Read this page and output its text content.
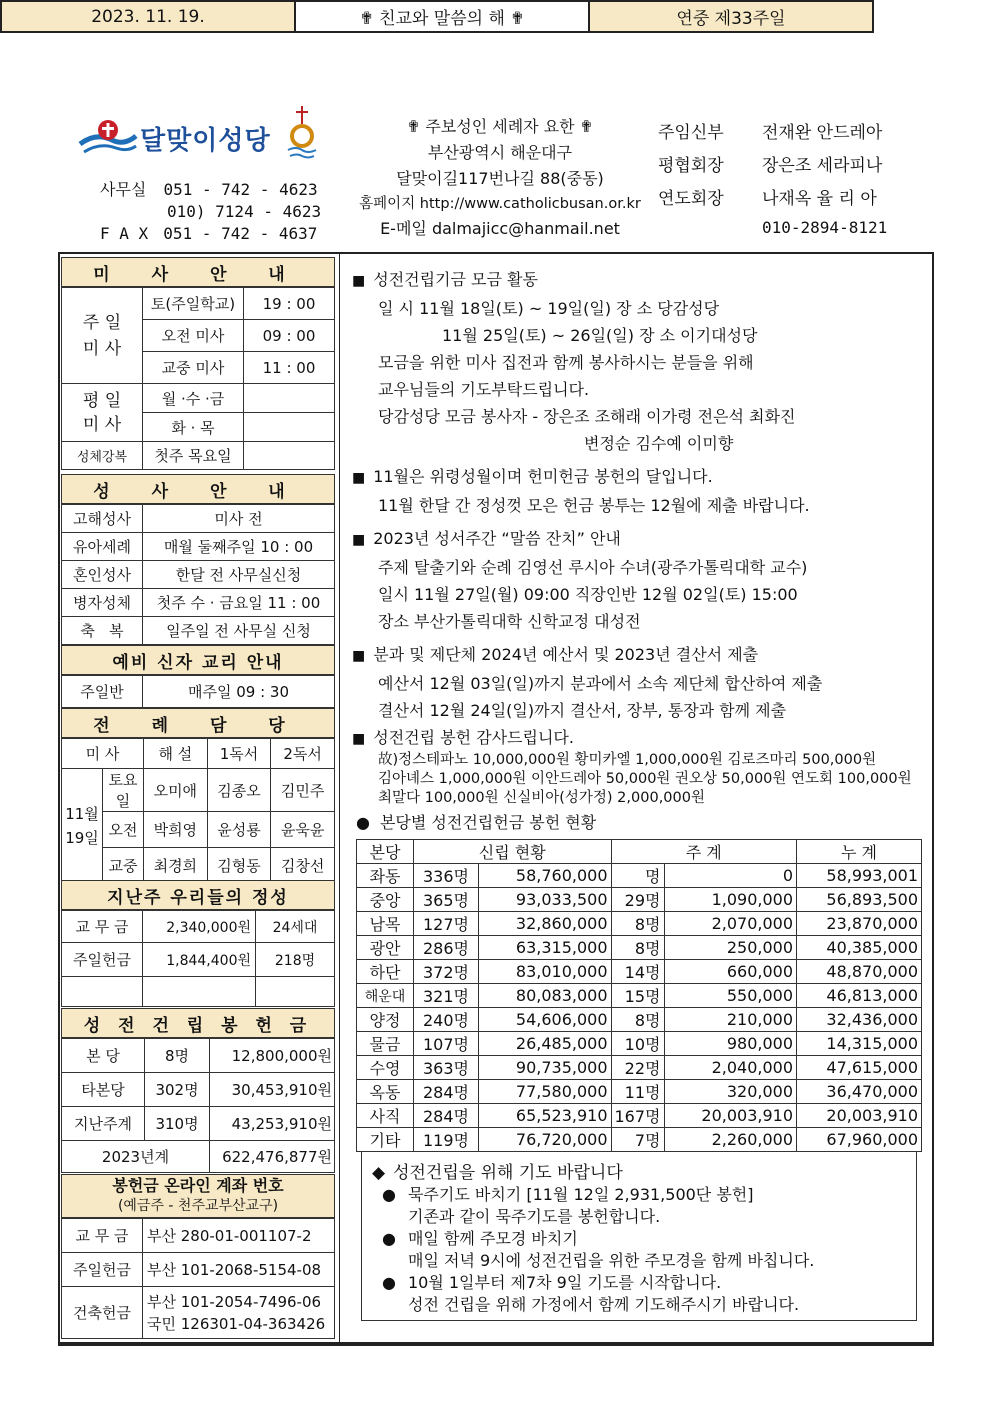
2023. 11. 19.	✟ 친교와 말씀의 해 ✟	연중 제33주일
달맞이성당
사무실 051 - 742 - 4623
010) 7124 - 4623
F A X 051 - 742 - 4637
✟ 주보성인 세례자 요한 ✟
부산광역시 해운대구
달맞이길117번나길 88(중동)
홈페이지 http://www.catholicbusan.or.kr
E-메일 dalmajicc@hanmail.net
주임신부 전재완 안드레아
평협회장 장은조 세라피나
연도회장 나재옥 율 리 아
010-2894-8121
미 사 안 내
주 일
미 사	토(주일학교)	19 : 00
	오전 미사	09 : 00
	교중 미사	11 : 00
평 일
미 사	월 ·수 ·금	
	화 · 목	
성체강복	첫주 목요일	
성 사 안 내
고해성사	미사 전
유아세례	매월 둘째주일 10 : 00
혼인성사	한달 전 사무실신청
병자성체	첫주 수 · 금요일 11 : 00
축   복	일주일 전 사무실 신청
예비 신자 교리 안내
주일반	매주일 09 : 30
전 례 담 당
미 사		해 설	1독서	2독서
11월
19일	토요일	오미애	김종오	김민주
	오전	박희영	윤성룡	윤욱윤
	교중	최경희	김형동	김창선
지난주 우리들의 정성
교 무 금	2,340,000원	24세대
주일헌금	1,844,400원	218명

성 전 건 립 봉 헌 금
본 당	8명	12,800,000원
타본당	302명	30,453,910원
지난주계	310명	43,253,910원
2023년계		622,476,877원
봉헌금 온라인 계좌 번호
(예금주 - 천주교부산교구)
교 무 금	부산 280-01-001107-2
주일헌금	부산 101-2068-5154-08
건축헌금	부산 101-2054-7496-06
국민 126301-04-363426
■ 성전건립기금 모금 활동
일 시 11월 18일(토) ~ 19일(일) 장 소 당감성당
11월 25일(토) ~ 26일(일) 장 소 이기대성당
모금을 위한 미사 집전과 함께 봉사하시는 분들을 위해
교우님들의 기도부탁드립니다.
당감성당 모금 봉사자 - 장은조 조해래 이가령 전은석 최화진
변정순 김수예 이미향
■ 11월은 위령성월이며 헌미헌금 봉헌의 달입니다.
11월 한달 간 정성껏 모은 헌금 봉투는 12월에 제출 바랍니다.
■ 2023년 성서주간 “말씀 잔치” 안내
주제 탈출기와 순례 김영선 루시아 수녀(광주가톨릭대학 교수)
일시 11월 27일(월) 09:00 직장인반 12월 02일(토) 15:00
장소 부산가톨릭대학 신학교정 대성전
■ 분과 및 제단체 2024년 예산서 및 2023년 결산서 제출
예산서 12월 03일(일)까지 분과에서 소속 제단체 합산하여 제출
결산서 12월 24일(일)까지 결산서, 장부, 통장과 함께 제출
■ 성전건립 봉헌 감사드립니다.
故)정스테파노 10,000,000원 황미카엘 1,000,000원 김로즈마리 500,000원
김아녜스 1,000,000원 이안드레아 50,000원 권오상 50,000원 연도회 100,000원
최말다 100,000원 신실비아(성가정) 2,000,000원
● 본당별 성전건립헌금 봉헌 현황
본당	신립 현황		주 계		누 계
좌동	336명	58,760,000	명	0	58,993,001
중앙	365명	93,033,500	29명	1,090,000	56,893,500
남목	127명	32,860,000	8명	2,070,000	23,870,000
광안	286명	63,315,000	8명	250,000	40,385,000
하단	372명	83,010,000	14명	660,000	48,870,000
해운대	321명	80,083,000	15명	550,000	46,813,000
양정	240명	54,606,000	8명	210,000	32,436,000
물금	107명	26,485,000	10명	980,000	14,315,000
수영	363명	90,735,000	22명	2,040,000	47,615,000
옥동	284명	77,580,000	11명	320,000	36,470,000
사직	284명	65,523,910	167명	20,003,910	20,003,910
기타	119명	76,720,000	7명	2,260,000	67,960,000
◆ 성전건립을 위해 기도 바랍니다
● 묵주기도 바치기 [11월 12일 2,931,500단 봉헌]
기존과 같이 묵주기도를 봉헌합니다.
● 매일 함께 주모경 바치기
매일 저녁 9시에 성전건립을 위한 주모경을 함께 바칩니다.
● 10월 1일부터 제7차 9일 기도를 시작합니다.
성전 건립을 위해 가정에서 함께 기도해주시기 바랍니다.
